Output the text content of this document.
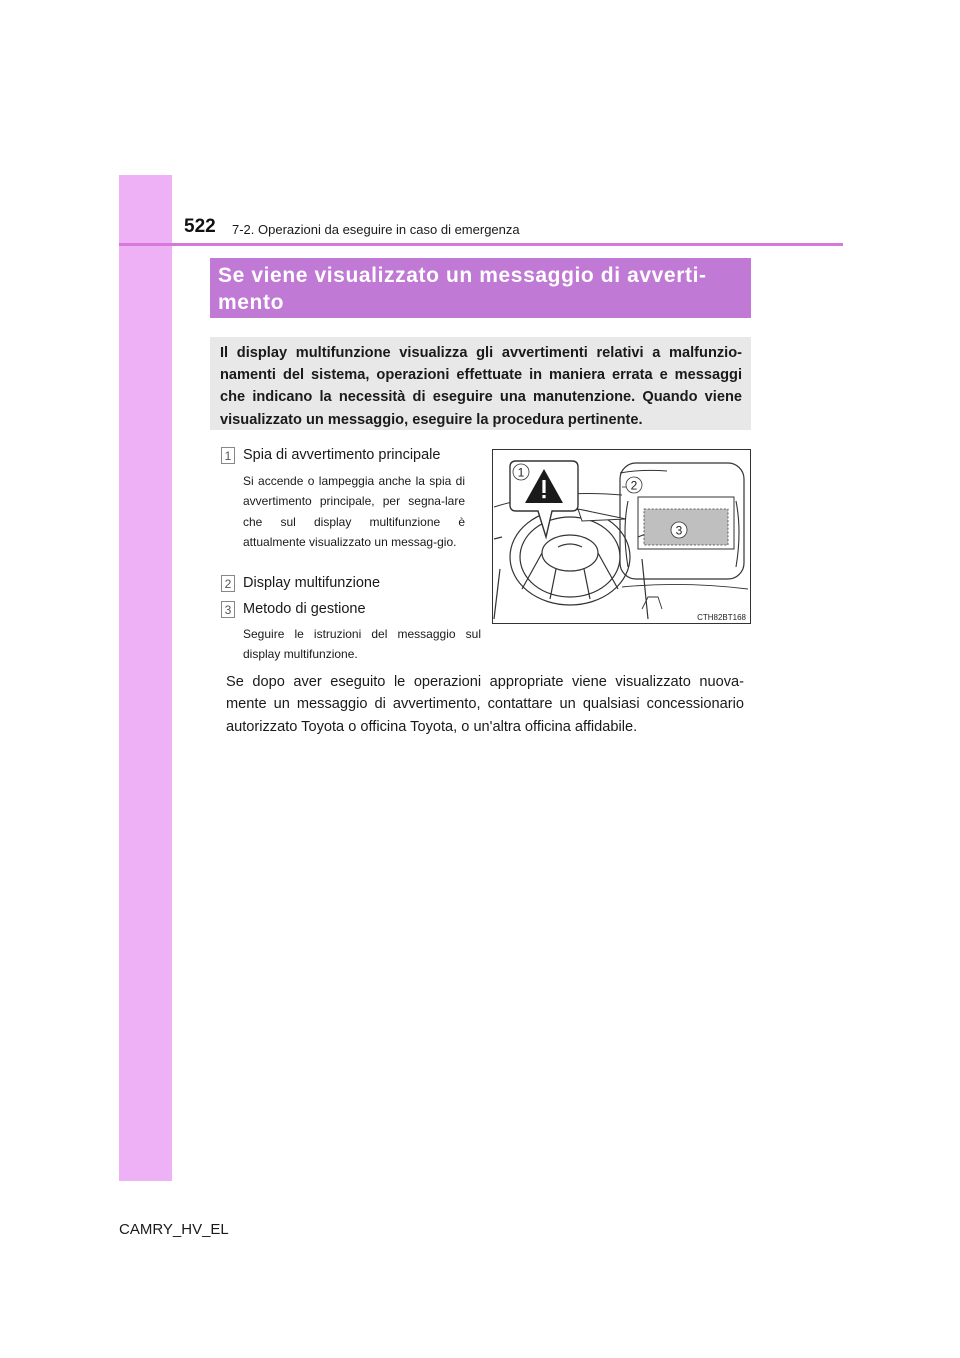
522 7-2. Operazioni da eseguire in caso di emergenza
Se viene visualizzato un messaggio di avverti-
mento
Il display multifunzione visualizza gli avvertimenti relativi a malfunzio-namenti del sistema, operazioni effettuate in maniera errata e messaggi che indicano la necessità di eseguire una manutenzione. Quando viene visualizzato un messaggio, eseguire la procedura pertinente.
1 Spia di avvertimento principale
Si accende o lampeggia anche la spia di avvertimento principale, per segna-lare che sul display multifunzione è attualmente visualizzato un messag-gio.
2 Display multifunzione
3 Metodo di gestione
Seguire le istruzioni del messaggio sul display multifunzione.
1
2
3
CTH82BT168
Se dopo aver eseguito le operazioni appropriate viene visualizzato nuova-mente un messaggio di avvertimento, contattare un qualsiasi concessionario autorizzato Toyota o officina Toyota, o un'altra officina affidabile.
CAMRY_HV_EL
